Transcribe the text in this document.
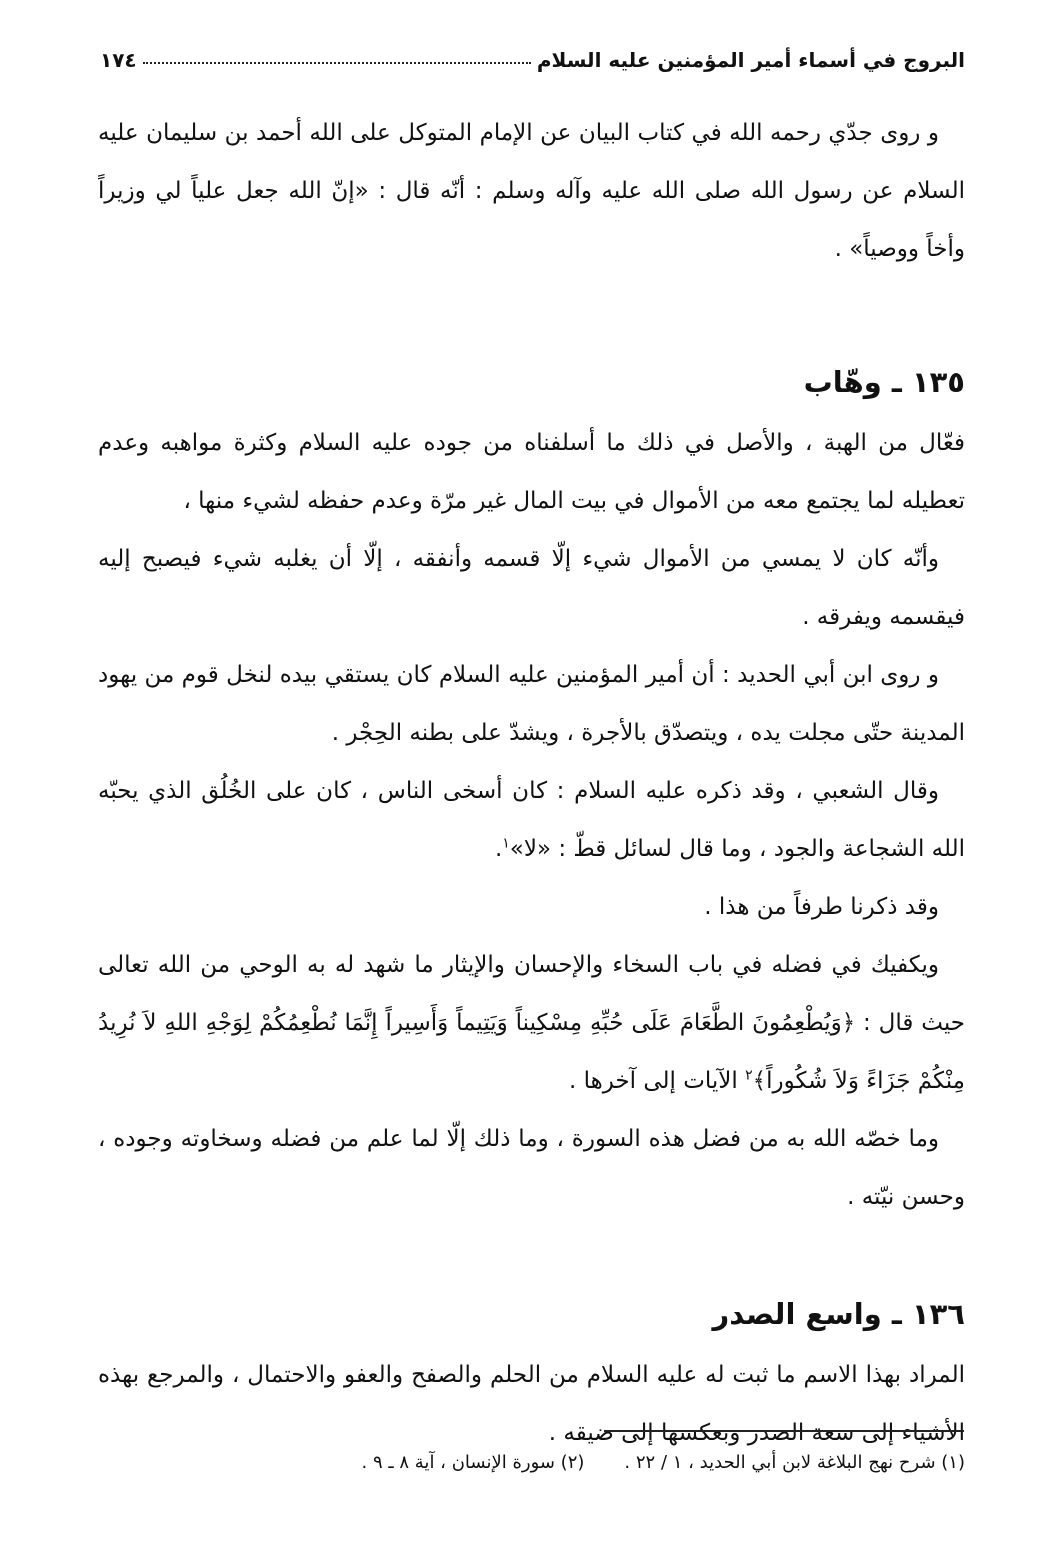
البروج في أسماء أمير المؤمنين عليه السلام
١٧٤

و روى جدّي رحمه الله في كتاب البيان عن الإمام المتوكل على الله أحمد بن سليمان عليه السلام عن رسول الله صلى الله عليه وآله وسلم : أنّه قال : «إنّ الله جعل علياً لي وزيراً وأخاً ووصياً» .

١٣٥ ـ وهّاب

فعّال من الهبة ، والأصل في ذلك ما أسلفناه من جوده عليه السلام وكثرة مواهبه وعدم تعطيله لما يجتمع معه من الأموال في بيت المال غير مرّة وعدم حفظه لشيء منها ،

وأنّه كان لا يمسي من الأموال شيء إلّا قسمه وأنفقه ، إلّا أن يغلبه شيء فيصبح إليه فيقسمه ويفرقه .

و روى ابن أبي الحديد : أن أمير المؤمنين عليه السلام كان يستقي بيده لنخل قوم من يهود المدينة حتّى مجلت يده ، ويتصدّق بالأجرة ، ويشدّ على بطنه الحِجْر .

وقال الشعبي ، وقد ذكره عليه السلام : كان أسخى الناس ، كان على الخُلُق الذي يحبّه الله الشجاعة والجود ، وما قال لسائل قطّ : «لا»$^١$.

وقد ذكرنا طرفاً من هذا .

ويكفيك في فضله في باب السخاء والإحسان والإيثار ما شهد له به الوحي من الله تعالى حيث قال : ﴿وَيُطْعِمُونَ الطَّعَامَ عَلَى حُبِّهِ مِسْكِيناً وَيَتِيماً وَأَسِيراً إِنَّمَا نُطْعِمُكُمْ لِوَجْهِ اللهِ لاَ نُرِيدُ مِنْكُمْ جَزَاءً وَلاَ شُكُوراً﴾$^٢$ الآيات إلى آخرها .

وما خصّه الله به من فضل هذه السورة ، وما ذلك إلّا لما علم من فضله وسخاوته وجوده ، وحسن نيّته .

١٣٦ ـ واسع الصدر

المراد بهذا الاسم ما ثبت له عليه السلام من الحلم والصفح والعفو والاحتمال ، والمرجع بهذه الأشياء إلى سعة الصدر وبعكسها إلى ضيقه .

(١) شرح نهج البلاغة لابن أبي الحديد ، ١ / ٢٢ .
(٢) سورة الإنسان ، آية ٨ ـ ٩ .
